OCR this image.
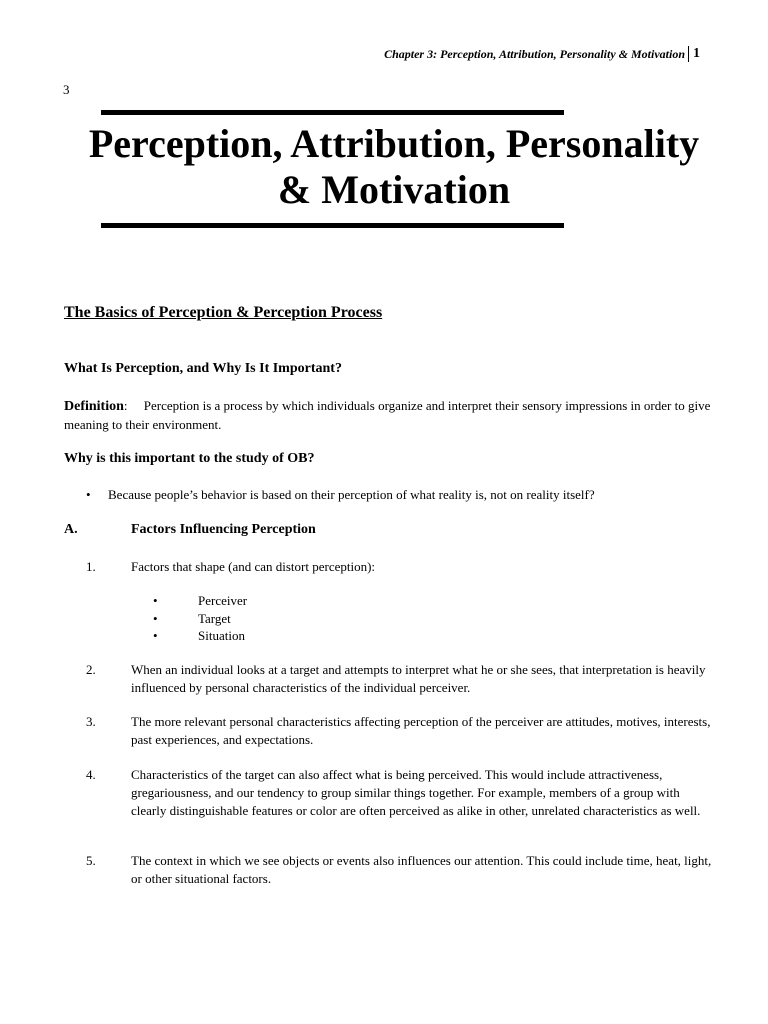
Chapter 3: Perception, Attribution, Personality & Motivation 1
3
Perception, Attribution, Personality
& Motivation
The Basics of Perception & Perception Process
What Is Perception, and Why Is It Important?
Definition:     Perception is a process by which individuals organize and interpret their sensory impressions in order to give meaning to their environment.
Why is this important to the study of OB?
•	Because people’s behavior is based on their perception of what reality is, not on reality itself?
A.	Factors Influencing Perception
1.	Factors that shape (and can distort perception):
•	Perceiver
•	Target
•	Situation
2.	When an individual looks at a target and attempts to interpret what he or she sees, that interpretation is heavily influenced by personal characteristics of the individual perceiver.
3.	The more relevant personal characteristics affecting perception of the perceiver are attitudes, motives, interests, past experiences, and expectations.
4.	Characteristics of the target can also affect what is being perceived. This would include attractiveness, gregariousness, and our tendency to group similar things together. For example, members of a group with clearly distinguishable features or color are often perceived as alike in other, unrelated characteristics as well.
5.	The context in which we see objects or events also influences our attention. This could include time, heat, light, or other situational factors.
